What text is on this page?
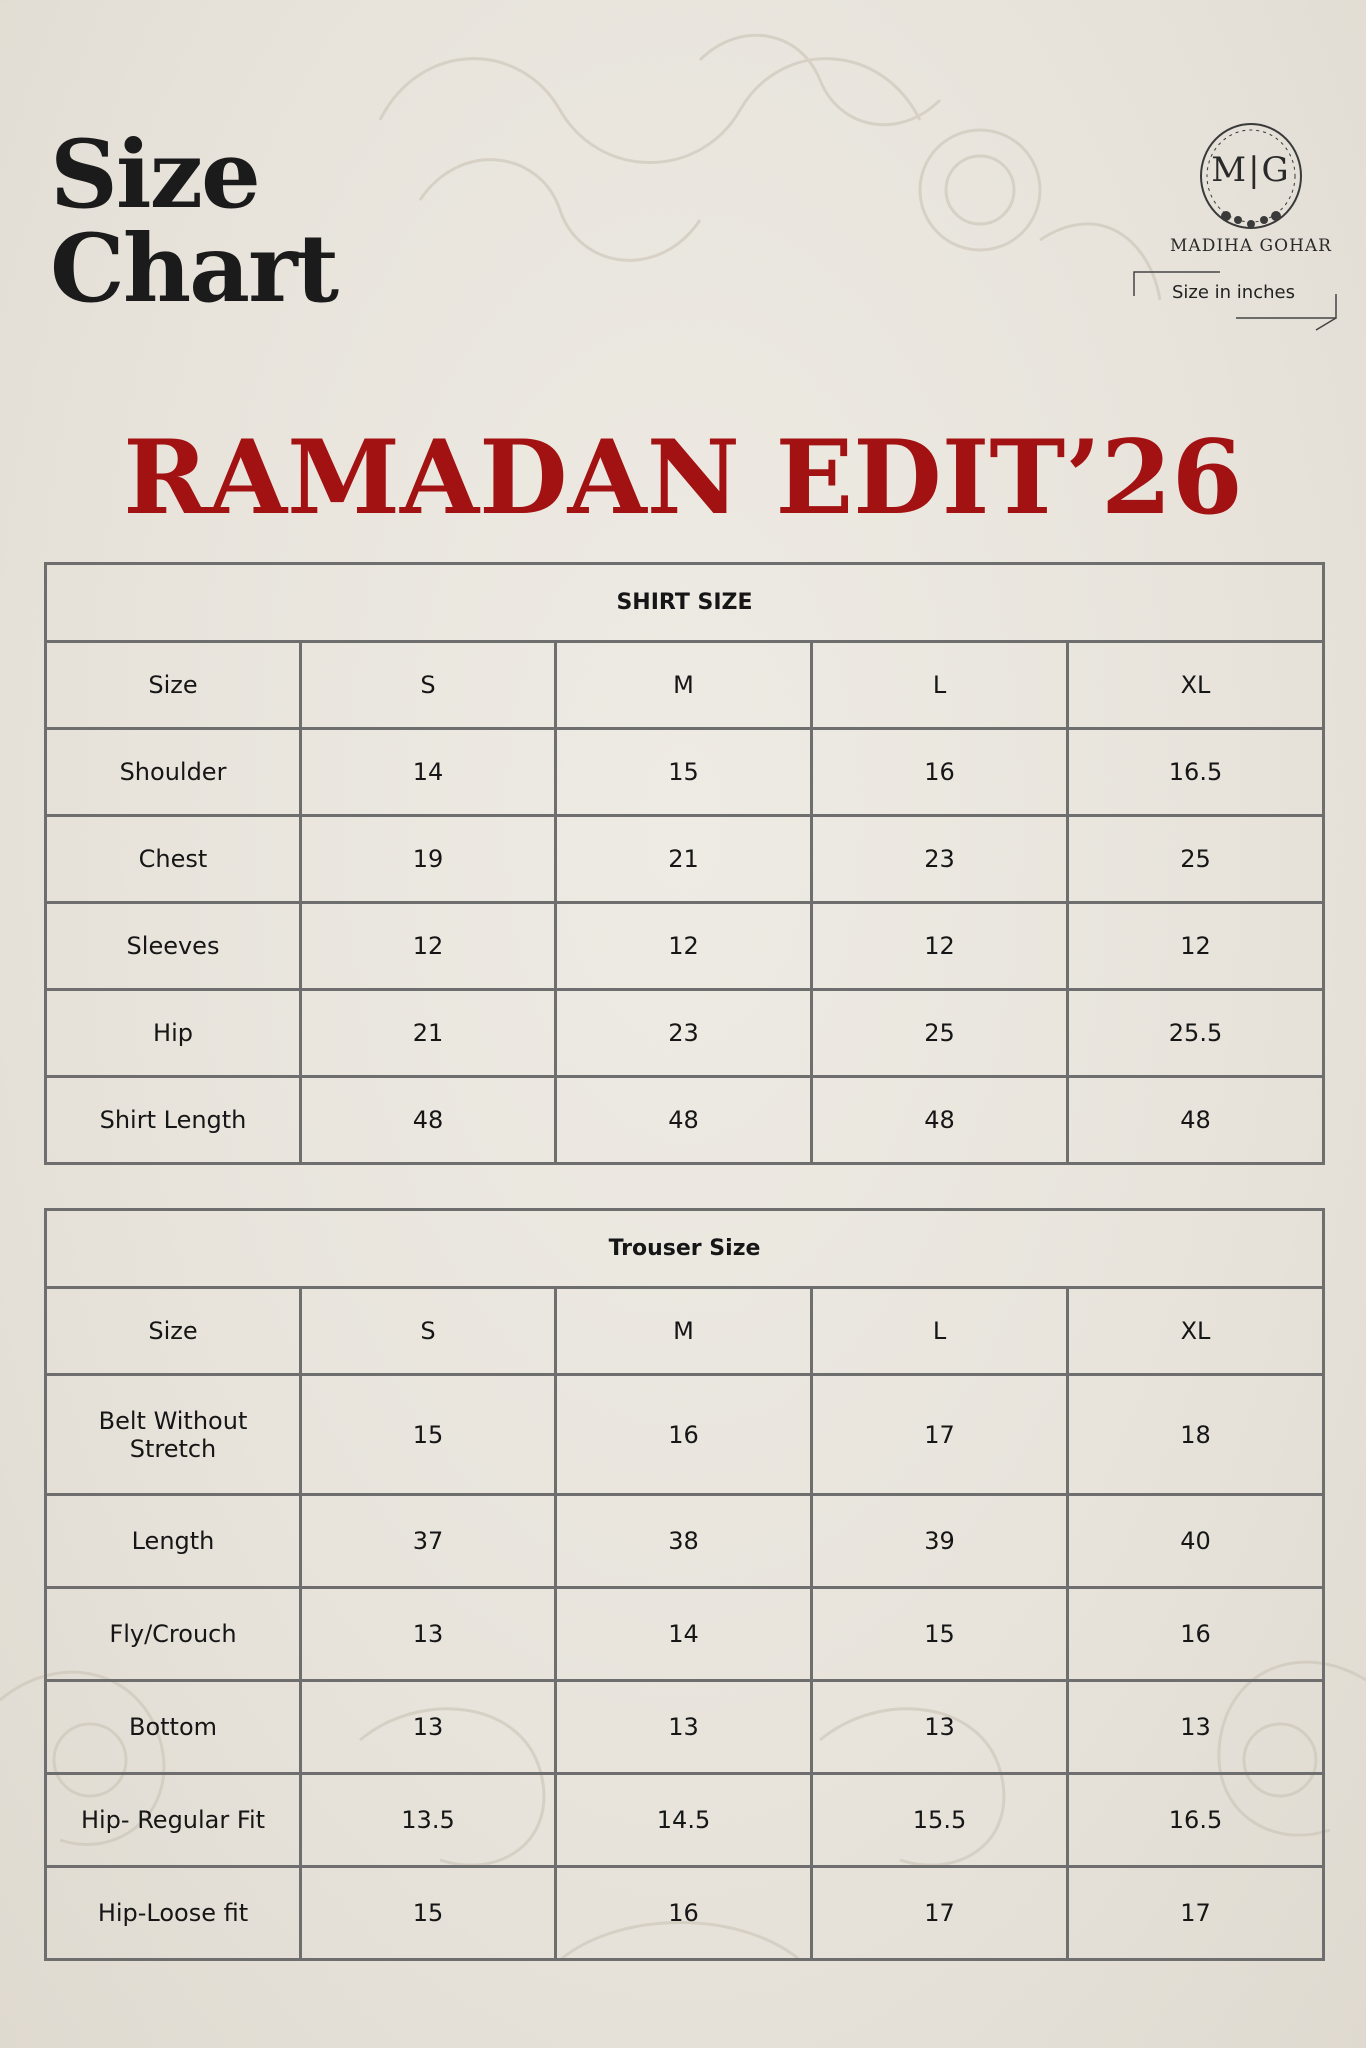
Size
Chart
M|G
MADIHA GOHAR
Size in inches
RAMADAN EDIT’26
SHIRT SIZE				
Size	S	M	L	XL
Shoulder	14	15	16	16.5
Chest	19	21	23	25
Sleeves	12	12	12	12
Hip	21	23	25	25.5
Shirt Length	48	48	48	48
Trouser Size				
Size	S	M	L	XL
Belt Without Stretch	15	16	17	18
Length	37	38	39	40
Fly/Crouch	13	14	15	16
Bottom	13	13	13	13
Hip- Regular Fit	13.5	14.5	15.5	16.5
Hip-Loose fit	15	16	17	17
